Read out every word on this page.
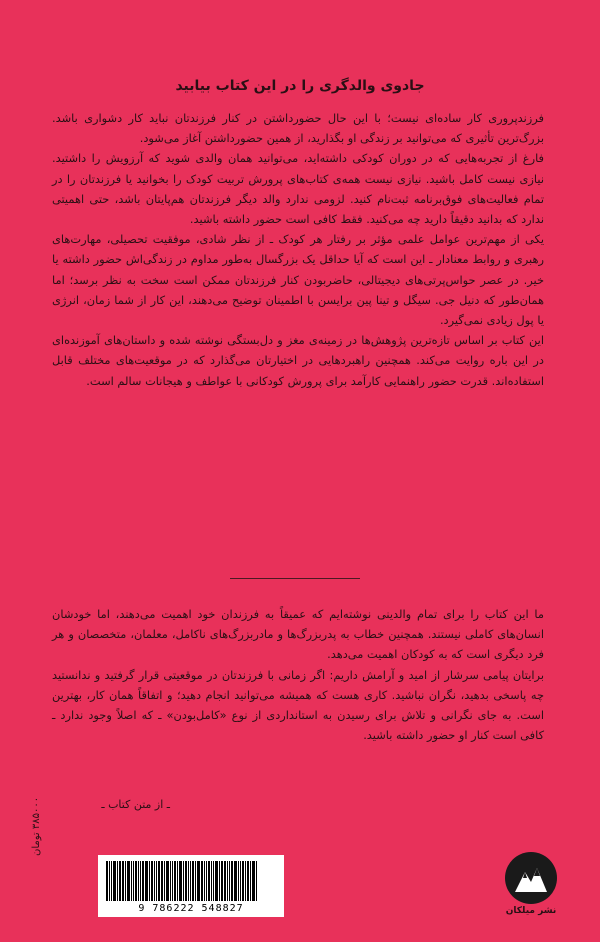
جادوی والدگری را در این کتاب بیابید

فرزندپروری کار ساده‌ای نیست؛ با این حال حضورداشتن در کنار فرزندتان نباید کار دشواری باشد. بزرگ‌ترین تأثیری که می‌توانید بر زندگی او بگذارید، از همین حضورداشتن آغاز می‌شود.

فارغ از تجربه‌هایی که در دوران کودکی داشته‌اید، می‌توانید همان والدی شوید که آرزویش را داشتید. نیازی نیست کامل باشید. نیازی نیست همه‌ی کتاب‌های پرورش تربیت کودک را بخوانید یا فرزندتان را در تمام فعالیت‌های فوق‌برنامه ثبت‌نام کنید. لزومی ندارد والد دیگر فرزندتان هم‌پایتان باشد، حتی اهمیتی ندارد که بدانید دقیقاً دارید چه می‌کنید. فقط کافی است حضور داشته باشید.

یکی از مهم‌ترین عوامل علمی مؤثر بر رفتار هر کودک ـ از نظر شادی، موفقیت تحصیلی، مهارت‌های رهبری و روابط معنادار ـ این است که آیا حداقل یک بزرگسال به‌طور مداوم در زندگی‌اش حضور داشته یا خیر. در عصر حواس‌پرتی‌های دیجیتالی، حاضربودن کنار فرزندتان ممکن است سخت به نظر برسد؛ اما همان‌طور که دنیل جی. سیگل و تینا پین برایسن با اطمینان توضیح می‌دهند، این کار از شما زمان، انرژی یا پول زیادی نمی‌گیرد.

این کتاب بر اساس تازه‌ترین پژوهش‌ها در زمینه‌ی مغز و دل‌بستگی نوشته شده و داستان‌های آموزنده‌ای در این باره روایت می‌کند. همچنین راهبردهایی در اختیارتان می‌گذارد که در موقعیت‌های مختلف قابل استفاده‌اند. قدرت حضور راهنمایی کارآمد برای پرورش کودکانی با عواطف و هیجانات سالم است.

ما این کتاب را برای تمام والدینی نوشته‌ایم که عمیقاً به فرزندان خود اهمیت می‌دهند، اما خودشان انسان‌های کاملی نیستند. همچنین خطاب به پدربزرگ‌ها و مادربزرگ‌های ناکامل، معلمان، متخصصان و هر فرد دیگری است که به کودکان اهمیت می‌دهد.

برایتان پیامی سرشار از امید و آرامش داریم: اگر زمانی با فرزندتان در موقعیتی قرار گرفتید و ندانستید چه پاسخی بدهید، نگران نباشید. کاری هست که همیشه می‌توانید انجام دهید؛ و اتفاقاً همان کار، بهترین است. به جای نگرانی و تلاش برای رسیدن به استانداردی از نوع «کامل‌بودن» ـ که اصلاً وجود ندارد ـ کافی است کنار او حضور داشته باشید.

ـ از متن کتاب ـ
۳۸۵۰۰۰ تومان
9 786222 548827	نشر میلکان
